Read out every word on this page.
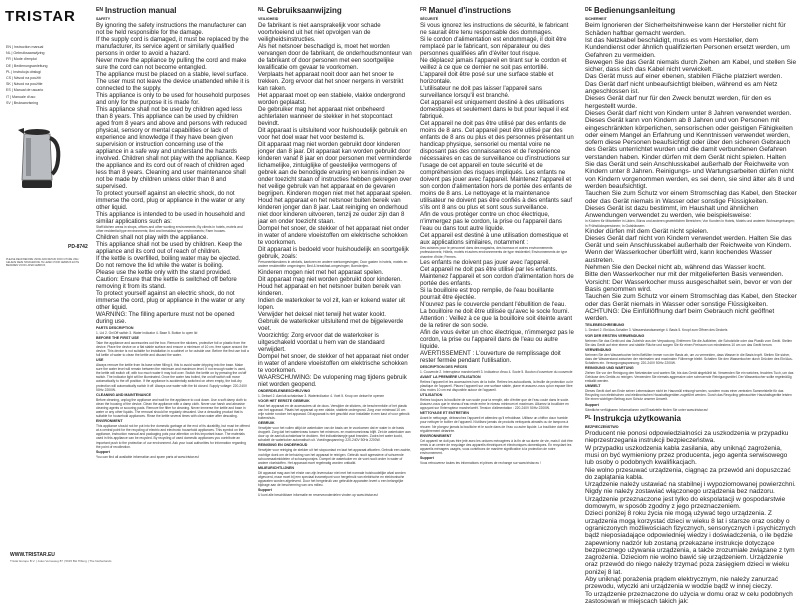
TRISTAR
EN | Instruction manual
NL | Gebruiksaanwijzing
FR | Mode d'emploi
DE | Bedienungsanleitung
PL | Instrukcja obsługi
CS | Návod na použití
SK | Návod na použitie
ES | Manual de usuario
IT | Manuale d'uso
SV | Bruksanvisning
PD-8742
PLEASE READ BEFORE USING AND RETAIN FOR FUTURE USE / GELIEVE DEZE HANDLEIDING TE LEZEN VOOR GEBRUIK EN TE BEWAREN VOOR LATER GEBRUIK
WWW.TRISTAR.EU
Tristar Europe B.V. | Jules Verneweg 87 | 5015 BH Tilburg | The Netherlands
EN Instruction manual
SAFETY

By ignoring the safety instructions the manufacturer can not be held responsible for the damage.

If the supply cord is damaged, it must be replaced by the manufacturer, its service agent or similarly qualified persons in order to avoid a hazard.

Never move the appliance by pulling the cord and make sure the cord can not become entangled.

The appliance must be placed on a stable, level surface.

The user must not leave the device unattended while it is connected to the supply.

This appliance is only to be used for household purposes and only for the purpose it is made for.

This appliance shall not be used by children aged less than 8 years. This appliance can be used by children aged from 8 years and above and persons with reduced physical, sensory or mental capabilities or lack of experience and knowledge if they have been given supervision or instruction concerning use of the appliance in a safe way and understand the hazards involved. Children shall not play with the appliance. Keep the appliance and its cord out of reach of children aged less than 8 years. Cleaning and user maintenance shall not be made by children unless older than 8 and supervised.

To protect yourself against an electric shock, do not immerse the cord, plug or appliance in the water or any other liquid.

This appliance is intended to be used in household and similar applications such as:

Staff kitchen areas in shops, offices and other working environments; By clients in hotels, motels and other residential type environments; Bed and breakfast type environments; Farm houses.

Children shall not play with the appliance.

This appliance shall not be used by children. Keep the appliance and its cord out of reach of children.

If the kettle is overfilled, boiling water may be ejected.

Do not remove the lid while the water is boiling.

Please use the kettle only with the stand provided.

Caution: Ensure that the kettle is switched off before removing it from its stand.

To protect yourself against an electric shock, do not immerse the cord, plug or appliance in the water or any other liquid.

WARNING: The filling aperture must not be opened during use.

PARTS DESCRIPTION

1. Lid 2. On/Off switch 3. Water indicator 4. Base 5. Button to open lid

BEFORE THE FIRST USE

Take the appliance and accessories out the box. Remove the stickers, protective foil or plastic from the device. Place the device on a flat stable surface and ensure a minimum of 10 cm. free space around the device. This device is not suitable for installation in a cabinet or for outside use. Before the first use boil a full kettle of water to clean the kettle and discard the water.

USE

Always remove the kettle from its base when filling it, this to avoid water dripping into the base. Make sure the water level will remain between the minimum and maximum level. If not enough water is used, the kettle will switch off, with too much water it may boil over. Switch the kettle on by pressing the on/off switch. The indicator light will be illuminated. Once the water has boiled, the on/off switch will move automatically to the off position. If the appliance is accidentally switched on when empty, the boil-dry protection will automatically switch it off. Always use water with the lid closed. Supply voltage: 220-240V 50Hz 2200W.

CLEANING AND MAINTENANCE

Before cleaning, unplug the appliance and wait for the appliance to cool down. Use a soft damp cloth to clean the housing of the device. Clean the appliance with a damp cloth. Never use harsh and abrasive cleaning agents or scouring pads. Remove the filter for cleaning. Never immerse the kettle and base in water or any other liquids. The removal should be regularly descaled. Use a descaling product that is suitable for household appliances. Rinse the kettle several times with clean water after descaling.

ENVIRONMENT

This appliance should not be put into the domestic garbage at the end of its durability, but must be offered at a central point for the recycling of electric and electronic household appliances. This symbol on the appliance, instruction manual and packaging puts your attention on this important issue. The materials used in this appliance can be recycled. By recycling of used domestic appliances you contribute an important push to the protection of our environment. Ask your local authorities for information regarding the point of recollection.

Support

You can find all available information and spare parts at www.tristar.eu!

NL Gebruiksaanwijzing
VEILIGHEID

De fabrikant is niet aansprakelijk voor schade voortvloeiend uit het niet opvolgen van de veiligheidsinstructies.

Als het netsnoer beschadigd is, moet het worden vervangen door de fabrikant, de onderhoudsmonteur van de fabrikant of door personen met een soortgelijke kwalificatie om gevaar te voorkomen.

Verplaats het apparaat nooit door aan het snoer te trekken. Zorg ervoor dat het snoer nergens in verstrikt kan raken.

Het apparaat moet op een stabiele, vlakke ondergrond worden geplaatst.

De gebruiker mag het apparaat niet onbeheerd achterlaten wanneer de stekker in het stopcontact bevindt.

Dit apparaat is uitsluitend voor huishoudelijk gebruik en voor het doel waar het voor bestemd is.

Dit apparaat mag niet worden gebruikt door kinderen jonger dan 8 jaar. Dit apparaat kan worden gebruikt door kinderen vanaf 8 jaar en door personen met verminderde lichamelijke, zintuiglijke of geestelijke vermogens of gebrek aan de benodigde ervaring en kennis indien ze onder toezicht staan of instructies hebben gekregen over het veilige gebruik van het apparaat en de gevaren begrijpen. Kinderen mogen niet met het apparaat spelen. Houd het apparaat en het netsnoer buiten bereik van kinderen jonger dan 8 jaar. Laat reiniging en onderhoud niet door kinderen uitvoeren, tenzij ze ouder zijn dan 8 jaar en onder toezicht staan.

Dompel het snoer, de stekker of het apparaat niet onder in water of andere vloeistoffen om elektrische schokken te voorkomen.

Dit apparaat is bedoeld voor huishoudelijk en soortgelijk gebruik, zoals:

Personeelskeukens in winkels, kantoren en andere werkomgevingen; Door gasten in hotels, motels en andere residentiële omgevingen; Bed & breakfast-omgevingen; Boerderijen.

Kinderen mogen niet met het apparaat spelen.

Dit apparaat mag niet worden gebruikt door kinderen. Houd het apparaat en het netsnoer buiten bereik van kinderen.

Indien de waterkoker te vol zit, kan er kokend water uit lopen.

Verwijder het deksel niet terwijl het water kookt.

Gebruik de waterkoker uitsluitend met de bijgeleverde voet.

Voorzichtig: Zorg ervoor dat de waterkoker is uitgeschakeld voordat u hem van de standaard verwijdert.

Dompel het snoer, de stekker of het apparaat niet onder in water of andere vloeistoffen om elektrische schokken te voorkomen.

WAARSCHUWING: De vulopening mag tijdens gebruik niet worden geopend.

ONDERDELENBESCHRIJVING

1. Deksel 2. Aan/uit-schakelaar 3. Waterindicator 4. Voet 5. Knop om deksel te openen

VOOR HET EERSTE GEBRUIK

Haal het apparaat en de accessoires uit de doos. Verwijder de stickers, de beschermfolie of het plastic van het apparaat. Plaats het apparaat op een vlakke, stabiele ondergrond. Zorg voor minimaal 10 cm vrije ruimte rondom het apparaat. Dit apparaat is niet geschikt voor installatie in een kast of voor gebruik buitenshuis.

GEBRUIK

Verwijder voor het vullen altijd de waterkoker van de basis om te voorkomen dat er water in de basis druppelt. Zorg dat het waterniveau tussen het minimum- en maximumniveau blijft. Zet de waterkoker aan door op de aan/uit-schakelaar te drukken. Het indicatielampje gaat branden. Zodra het water kookt, schakelt de waterkoker automatisch uit. Voedingsspanning: 220-240V 50Hz 2200W.

REINIGING EN ONDERHOUD

Verwijder voor reiniging de stekker uit het stopcontact en laat het apparaat afkoelen. Gebruik een zachte, vochtige doek om de behuizing van het apparaat te reinigen. Gebruik nooit agressieve of schurende schoonmaakmiddelen of schuursponsjes. Dompel de waterkoker en de voet nooit onder in water of andere vloeistoffen. Het apparaat moet regelmatig worden ontkalkt.

MILIEURICHTLIJNEN

Dit apparaat mag aan het einde van zijn levensduur niet met het normale huishoudelijke afval worden afgevoerd, maar moet bij een speciaal inzamelpunt voor hergebruik van elektrische en elektronische apparaten worden afgeleverd. Door het hergebruik van gebruikte apparaten levert u een belangrijke bijdrage aan de bescherming van ons milieu.

Support

U kunt alle beschikbare informatie en reserveonderdelen vinden op www.tristar.eu!

FR Manuel d'instructions
SÉCURITÉ

Si vous ignorez les instructions de sécurité, le fabricant ne saurait être tenu responsable des dommages.

Si le cordon d'alimentation est endommagé, il doit être remplacé par le fabricant, son réparateur ou des personnes qualifiées afin d'éviter tout risque.

Ne déplacez jamais l'appareil en tirant sur le cordon et veillez à ce que ce dernier ne soit pas entortillé.

L'appareil doit être posé sur une surface stable et horizontale.

L'utilisateur ne doit pas laisser l'appareil sans surveillance lorsqu'il est branché.

Cet appareil est uniquement destiné à des utilisations domestiques et seulement dans le but pour lequel il est fabriqué.

Cet appareil ne doit pas être utilisé par des enfants de moins de 8 ans. Cet appareil peut être utilisé par des enfants de 8 ans ou plus et des personnes présentant un handicap physique, sensoriel ou mental voire ne disposant pas des connaissances et de l'expérience nécessaires en cas de surveillance ou d'instructions sur l'usage de cet appareil en toute sécurité et de compréhension des risques impliqués. Les enfants ne doivent pas jouer avec l'appareil. Maintenez l'appareil et son cordon d'alimentation hors de portée des enfants de moins de 8 ans. Le nettoyage et la maintenance utilisateur ne doivent pas être confiés à des enfants sauf s'ils ont 8 ans ou plus et sont sous surveillance.

Afin de vous protéger contre un choc électrique, n'immergez pas le cordon, la prise ou l'appareil dans l'eau ou dans tout autre liquide.

Cet appareil est destiné à une utilisation domestique et aux applications similaires, notamment :

Des cuisines pour le personnel dans des magasins, des bureaux et autres environnements professionnels; Hôtels, motels et autres environnements de type résidentiel; Environnements de type chambre d'hôte; Fermes.

Les enfants ne doivent pas jouer avec l'appareil.

Cet appareil ne doit pas être utilisé par les enfants. Maintenez l'appareil et son cordon d'alimentation hors de portée des enfants.

Si la bouilloire est trop remplie, de l'eau bouillante pourrait être éjectée.

N'ouvrez pas le couvercle pendant l'ébullition de l'eau.

La bouilloire ne doit être utilisée qu'avec le socle fourni.

Attention : Veillez à ce que la bouilloire soit éteinte avant de la retirer de son socle.

Afin de vous éviter un choc électrique, n'immergez pas le cordon, la prise ou l'appareil dans de l'eau ou autre liquide.

AVERTISSEMENT : L'ouverture de remplissage doit rester fermée pendant l'utilisation.

DESCRIPTION DES PIÈCES

1. Couvercle 2. Interrupteur marche/arrêt 3. Indicateur d'eau 4. Socle 5. Bouton d'ouverture du couvercle

AVANT LA PREMIÈRE UTILISATION

Retirez l'appareil et les accessoires hors de la boîte. Retirez les autocollants, la feuille de protection ou le plastique de l'appareil. Placez l'appareil sur une surface stable, plane et assurez-vous qu'un espace libre d'au moins 10 cm est disponible autour de l'appareil.

UTILISATION

Retirez toujours la bouilloire de son socle pour la remplir, afin d'éviter que de l'eau coule dans le socle. Assurez-vous que le niveau d'eau reste entre le niveau minimum et maximum. Allumez la bouilloire en appuyant sur l'interrupteur marche/arrêt. Tension d'alimentation : 220-240V 50Hz 2200W.

NETTOYAGE ET ENTRETIEN

Avant le nettoyage, débranchez l'appareil et attendez qu'il refroidisse. Utilisez un chiffon doux humide pour nettoyer le boîtier de l'appareil. N'utilisez jamais de produits nettoyants abrasifs ou de tampons à récurer. Ne plongez jamais la bouilloire et le socle dans de l'eau ou autre liquide. La bouilloire doit être régulièrement détartrée.

ENVIRONNEMENT

Cet appareil ne doit pas être jeté avec les ordures ménagères à la fin de sa durée de vie, mais il doit être remis à un centre de recyclage des appareils électriques et électroniques domestiques. En recyclant les appareils ménagers usagés, vous contribuez de manière significative à la protection de notre environnement.

Support

Vous retrouverez toutes les informations et pièces de rechange sur www.tristar.eu !

DE Bedienungsanleitung
SICHERHEIT

Beim Ignorieren der Sicherheitshinweise kann der Hersteller nicht für Schäden haftbar gemacht werden.

Ist das Netzkabel beschädigt, muss es vom Hersteller, dem Kundendienst oder ähnlich qualifizierten Personen ersetzt werden, um Gefahren zu vermeiden.

Bewegen Sie das Gerät niemals durch Ziehen am Kabel, und stellen Sie sicher, dass sich das Kabel nicht verwickelt.

Das Gerät muss auf einer ebenen, stabilen Fläche platziert werden.

Das Gerät darf nicht unbeaufsichtigt bleiben, während es am Netz angeschlossen ist.

Dieses Gerät darf nur für den Zweck benutzt werden, für den es hergestellt wurde.

Dieses Gerät darf nicht von Kindern unter 8 Jahren verwendet werden. Dieses Gerät kann von Kindern ab 8 Jahren und von Personen mit eingeschränkten körperlichen, sensorischen oder geistigen Fähigkeiten oder einem Mangel an Erfahrung und Kenntnissen verwendet werden, sofern diese Personen beaufsichtigt oder über den sicheren Gebrauch des Geräts unterrichtet wurden und die damit verbundenen Gefahren verstanden haben. Kinder dürfen mit dem Gerät nicht spielen. Halten Sie das Gerät und sein Anschlusskabel außerhalb der Reichweite von Kindern unter 8 Jahren. Reinigungs- und Wartungsarbeiten dürfen nicht von Kindern vorgenommen werden, es sei denn, sie sind älter als 8 und werden beaufsichtigt.

Tauchen Sie zum Schutz vor einem Stromschlag das Kabel, den Stecker oder das Gerät niemals in Wasser oder sonstige Flüssigkeiten.

Dieses Gerät ist dazu bestimmt, im Haushalt und ähnlichen Anwendungen verwendet zu werden, wie beispielsweise:

In Küchen für Mitarbeiter in Läden, Büros und anderen gewerblichen Bereichen; Von Kunden in Hotels, Motels und anderen Wohnumgebungen; In Frühstückspensionen; In Gutshäusern.

Kinder dürfen mit dem Gerät nicht spielen.

Dieses Gerät darf nicht von Kindern verwendet werden. Halten Sie das Gerät und sein Anschlusskabel außerhalb der Reichweite von Kindern.

Wenn der Wasserkocher überfüllt wird, kann kochendes Wasser austreten.

Nehmen Sie den Deckel nicht ab, während das Wasser kocht.

Bitte den Wasserkocher nur mit der mitgelieferten Basis verwenden.

Vorsicht: Der Wasserkocher muss ausgeschaltet sein, bevor er von der Basis genommen wird.

Tauchen Sie zum Schutz vor einem Stromschlag das Kabel, den Stecker oder das Gerät niemals in Wasser oder sonstige Flüssigkeiten.

ACHTUNG: Die Einfüllöffnung darf beim Gebrauch nicht geöffnet werden.

TEILEBESCHREIBUNG

1. Deckel 2. Ein/Aus-Schalter 3. Wasserstandsanzeige 4. Basis 5. Knopf zum Öffnen des Deckels

VOR DER ERSTEN VERWENDUNG

Nehmen Sie das Gerät und das Zubehör aus der Verpackung. Entfernen Sie die Aufkleber, die Schutzfolie oder das Plastik vom Gerät. Stellen Sie das Gerät auf eine ebene und stabile Fläche und sorgen Sie für einen Freiraum von mindestens 10 cm um das Gerät herum.

VERWENDUNG

Nehmen Sie den Wasserkocher beim Befüllen immer von der Basis ab, um zu vermeiden, dass Wasser in die Basis tropft. Stellen Sie sicher, dass der Wasserstand zwischen der minimalen und maximalen Füllmenge bleibt. Schalten Sie den Wasserkocher durch Drücken des Ein/Aus-Schalters ein. Versorgungsspannung: 220-240V 50Hz 2200W.

REINIGUNG UND WARTUNG

Ziehen Sie vor der Reinigung den Netzstecker und warten Sie, bis das Gerät abgekühlt ist. Verwenden Sie ein weiches, feuchtes Tuch, um das Gehäuse des Geräts zu reinigen. Verwenden Sie niemals aggressive oder scheuernde Reinigungsmittel. Der Wasserkocher sollte regelmäßig entkalkt werden.

UMWELT

Dieses Gerät darf am Ende seiner Lebensdauer nicht im Hausmüll entsorgt werden, sondern muss einer zentralen Sammelstelle für das Recycling von elektrischen und elektronischen Haushaltsgeräten zugeführt werden. Durch das Recycling gebrauchter Haushaltsgeräte leisten Sie einen wichtigen Beitrag zum Schutz unserer Umwelt.

Support

Sämtliche verfügbaren Informationen und Ersatzteile finden Sie unter www.tristar.eu!

PL Instrukcja użytkowania
BEZPIECZEŃSTWO

Producent nie ponosi odpowiedzialności za uszkodzenia w przypadku nieprzestrzegania instrukcji bezpieczeństwa.

W przypadku uszkodzenia kabla zasilania, aby uniknąć zagrożenia, musi on być wymieniony przez producenta, jego agenta serwisowego lub osoby o podobnych kwalifikacjach.

Nie wolno przesuwać urządzenia, ciągnąc za przewód ani dopuszczać do zaplątania kabla.

Urządzenie należy ustawiać na stabilnej i wypoziomowanej powierzchni.

Nigdy nie należy zostawiać włączonego urządzenia bez nadzoru.

Urządzenie przeznaczone jest tylko do ekspolatacji w gospodarstwie domowym, w sposób zgodny z jego przeznaczeniem.

Dzieci poniżej 8 roku życia nie mogą używać tego urządzenia. Z urządzenia mogą korzystać dzieci w wieku 8 lat i starsze oraz osoby o ograniczonych możliwościach fizycznych, sensorycznych i psychicznych bądź nieposiadające odpowiedniej wiedzy i doświadczenia, o ile będzie zapewniony nadzór lub zostaną przekazane instrukcje dotyczące bezpiecznego używania urządzenia, a także zrozumiałe związane z tym zagrożenia. Dzieciom nie wolno bawić się urządzeniem. Urządzenie oraz przewód do niego należy trzymać poza zasięgiem dzieci w wieku poniżej 8 lat.

Aby uniknąć porażenia prądem elektrycznym, nie należy zanurzać przewodu, wtyczki ani urządzenia w wodzie bądź w innej cieczy.

To urządzenie przeznaczone do użycia w domu oraz w celu podobnych zastosowań w miejscach takich jak:
